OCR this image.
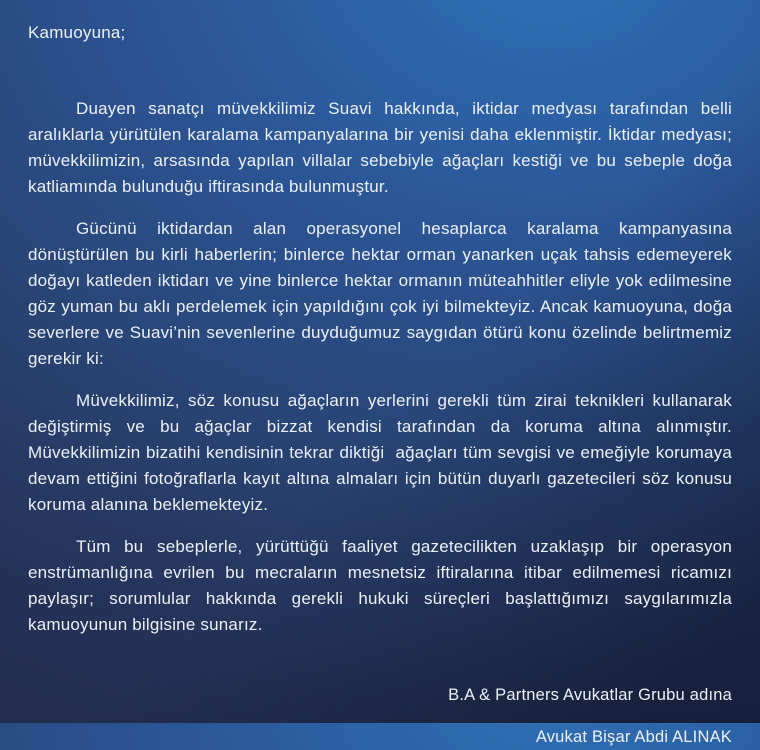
Kamuoyuna;

Duayen sanatçı müvekkilimiz Suavi hakkında, iktidar medyası tarafından belli aralıklarla yürütülen karalama kampanyalarına bir yenisi daha eklenmiştir. İktidar medyası; müvekkilimizin, arsasında yapılan villalar sebebiyle ağaçları kestiği ve bu sebeple doğa katliamında bulunduğu iftirasında bulunmuştur.

Gücünü iktidardan alan operasyonel hesaplarca karalama kampanyasına dönüştürülen bu kirli haberlerin; binlerce hektar orman yanarken uçak tahsis edemeyerek doğayı katleden iktidarı ve yine binlerce hektar ormanın müteahhitler eliyle yok edilmesine göz yuman bu aklı perdelemek için yapıldığını çok iyi bilmekteyiz. Ancak kamuoyuna, doğa severlere ve Suavi’nin sevenlerine duyduğumuz saygıdan ötürü konu özelinde belirtmemiz gerekir ki:

Müvekkilimiz, söz konusu ağaçların yerlerini gerekli tüm zirai teknikleri kullanarak değiştirmiş ve bu ağaçlar bizzat kendisi tarafından da koruma altına alınmıştır. Müvekkilimizin bizatihi kendisinin tekrar diktiği  ağaçları tüm sevgisi ve emeğiyle korumaya devam ettiğini fotoğraflarla kayıt altına almaları için bütün duyarlı gazetecileri söz konusu koruma alanına beklemekteyiz.

Tüm bu sebeplerle, yürüttüğü faaliyet gazetecilikten uzaklaşıp bir operasyon enstrümanlığına evrilen bu mecraların mesnetsiz iftiralarına itibar edilmemesi ricamızı paylaşır; sorumlular hakkında gerekli hukuki süreçleri başlattığımızı saygılarımızla kamuoyunun bilgisine sunarız.

B.A & Partners Avukatlar Grubu adına

Avukat Bişar Abdi ALINAK
